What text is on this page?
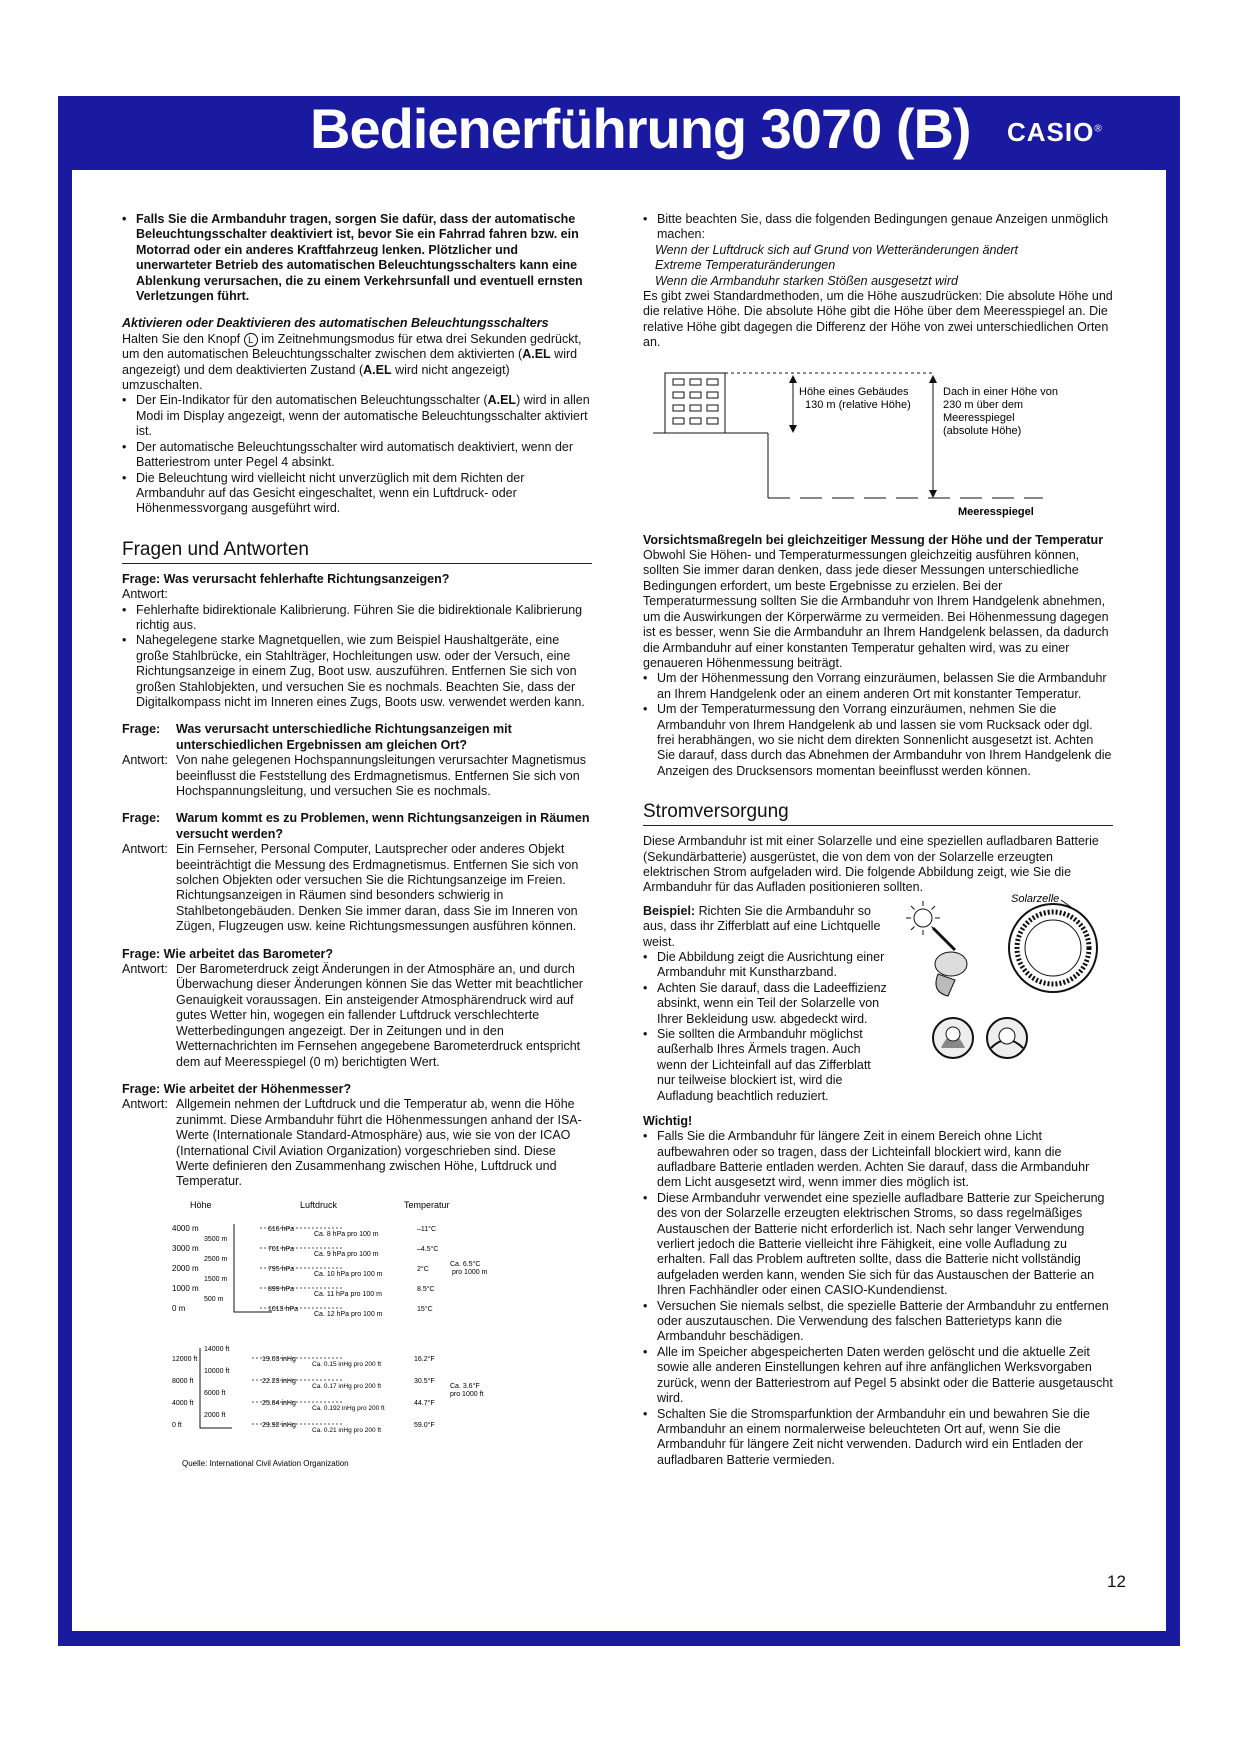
Bedienerführung 3070 (B) CASIO®
• Falls Sie die Armbanduhr tragen, sorgen Sie dafür, dass der automatische Beleuchtungsschalter deaktiviert ist, bevor Sie ein Fahrrad fahren bzw. ein Motorrad oder ein anderes Kraftfahrzeug lenken. Plötzlicher und unerwarteter Betrieb des automatischen Beleuchtungsschalters kann eine Ablenkung verursachen, die zu einem Verkehrsunfall und eventuell ernsten Verletzungen führt.

Aktivieren oder Deaktivieren des automatischen Beleuchtungsschalters

Halten Sie den Knopf L im Zeitnehmungsmodus für etwa drei Sekunden gedrückt, um den automatischen Beleuchtungsschalter zwischen dem aktivierten (A.EL wird angezeigt) und dem deaktivierten Zustand (A.EL wird nicht angezeigt) umzuschalten.

• Der Ein-Indikator für den automatischen Beleuchtungsschalter (A.EL) wird in allen Modi im Display angezeigt, wenn der automatische Beleuchtungsschalter aktiviert ist.
• Der automatische Beleuchtungsschalter wird automatisch deaktiviert, wenn der Batteriestrom unter Pegel 4 absinkt.
• Die Beleuchtung wird vielleicht nicht unverzüglich mit dem Richten der Armbanduhr auf das Gesicht eingeschaltet, wenn ein Luftdruck- oder Höhenmessvorgang ausgeführt wird.
Fragen und Antworten

Frage: Was verursacht fehlerhafte Richtungsanzeigen?

Antwort:

• Fehlerhafte bidirektionale Kalibrierung. Führen Sie die bidirektionale Kalibrierung richtig aus.
• Nahegelegene starke Magnetquellen, wie zum Beispiel Haushaltgeräte, eine große Stahlbrücke, ein Stahlträger, Hochleitungen usw. oder der Versuch, eine Richtungsanzeige in einem Zug, Boot usw. auszuführen. Entfernen Sie sich von großen Stahlobjekten, und versuchen Sie es nochmals. Beachten Sie, dass der Digitalkompass nicht im Inneren eines Zugs, Boots usw. verwendet werden kann.
Frage:	Was verursacht unterschiedliche Richtungsanzeigen mit unterschiedlichen Ergebnissen am gleichen Ort?
Antwort: Von nahe gelegenen Hochspannungsleitungen verursachter Magnetismus beeinflusst die Feststellung des Erdmagnetismus. Entfernen Sie sich von Hochspannungsleitung, und versuchen Sie es nochmals.
Frage:	Warum kommt es zu Problemen, wenn Richtungsanzeigen in Räumen versucht werden?
Antwort: Ein Fernseher, Personal Computer, Lautsprecher oder anderes Objekt beeinträchtigt die Messung des Erdmagnetismus. Entfernen Sie sich von solchen Objekten oder versuchen Sie die Richtungsanzeige im Freien. Richtungsanzeigen in Räumen sind besonders schwierig in Stahlbetongebäuden. Denken Sie immer daran, dass Sie im Inneren von Zügen, Flugzeugen usw. keine Richtungsmessungen ausführen können.

Frage: Wie arbeitet das Barometer?

Antwort: Der Barometerdruck zeigt Änderungen in der Atmosphäre an, und durch Überwachung dieser Änderungen können Sie das Wetter mit beachtlicher Genauigkeit voraussagen. Ein ansteigender Atmosphärendruck wird auf gutes Wetter hin, wogegen ein fallender Luftdruck verschlechterte Wetterbedingungen angezeigt. Der in Zeitungen und in den Wetternachrichten im Fernsehen angegebene Barometerdruck entspricht dem auf Meeresspiegel (0 m) berichtigten Wert.

Frage: Wie arbeitet der Höhenmesser?

Antwort: Allgemein nehmen der Luftdruck und die Temperatur ab, wenn die Höhe zunimmt. Diese Armbanduhr führt die Höhenmessungen anhand der ISA-Werte (Internationale Standard-Atmosphäre) aus, wie sie von der ICAO (International Civil Aviation Organization) vorgeschrieben sind. Diese Werte definieren den Zusammenhang zwischen Höhe, Luftdruck und Temperatur.
Höhe	Luftdruck	Temperatur
4000 m	616 hPa
Ca. 8 hPa pro 100 m
–11°C
3000 m	701 hPa
Ca. 9 hPa pro 100 m
–4.5°C
2000 m	795 hPa
Ca. 10 hPa pro 100 m
2°C
1000 m	899 hPa
Ca. 11 hPa pro 100 m
8.5°C
0 m	1013 hPa
Ca. 12 hPa pro 100 m
15°C
3500 m
2500 m
1500 m
500 m
Ca. 6.5°C
pro 1000 m
12000 ft	19.03 inHg
Ca. 0.15 inHg pro 200 ft
16.2°F
8000 ft	22.23 inHg
Ca. 0.17 inHg pro 200 ft
30.5°F
4000 ft	25.84 inHg
Ca. 0.192 inHg pro 200 ft
44.7°F
0 ft	29.92 inHg
Ca. 0.21 inHg pro 200 ft
59.0°F
14000 ft
10000 ft
6000 ft
2000 ft
Ca. 3.6°F
pro 1000 ft
Quelle: International Civil Aviation Organization
• Bitte beachten Sie, dass die folgenden Bedingungen genaue Anzeigen unmöglich machen:

Wenn der Luftdruck sich auf Grund von Wetteränderungen ändert

Extreme Temperaturänderungen

Wenn die Armbanduhr starken Stößen ausgesetzt wird

Es gibt zwei Standardmethoden, um die Höhe auszudrücken: Die absolute Höhe und die relative Höhe. Die absolute Höhe gibt die Höhe über dem Meeresspiegel an. Die relative Höhe gibt dagegen die Differenz der Höhe von zwei unterschiedlichen Orten an.

Höhe eines Gebäudes
130 m (relative Höhe)
Dach in einer Höhe von
230 m über dem
Meeresspiegel
(absolute Höhe)
Meeresspiegel

Vorsichtsmaßregeln bei gleichzeitiger Messung der Höhe und der Temperatur

Obwohl Sie Höhen- und Temperaturmessungen gleichzeitig ausführen können, sollten Sie immer daran denken, dass jede dieser Messungen unterschiedliche Bedingungen erfordert, um beste Ergebnisse zu erzielen. Bei der Temperaturmessung sollten Sie die Armbanduhr von Ihrem Handgelenk abnehmen, um die Auswirkungen der Körperwärme zu vermeiden. Bei Höhenmessung dagegen ist es besser, wenn Sie die Armbanduhr an Ihrem Handgelenk belassen, da dadurch die Armbanduhr auf einer konstanten Temperatur gehalten wird, was zu einer genaueren Höhenmessung beiträgt.

• Um der Höhenmessung den Vorrang einzuräumen, belassen Sie die Armbanduhr an Ihrem Handgelenk oder an einem anderen Ort mit konstanter Temperatur.
• Um der Temperaturmessung den Vorrang einzuräumen, nehmen Sie die Armbanduhr von Ihrem Handgelenk ab und lassen sie vom Rucksack oder dgl. frei herabhängen, wo sie nicht dem direkten Sonnenlicht ausgesetzt ist. Achten Sie darauf, dass durch das Abnehmen der Armbanduhr von Ihrem Handgelenk die Anzeigen des Drucksensors momentan beeinflusst werden können.
Stromversorgung

Diese Armbanduhr ist mit einer Solarzelle und eine speziellen aufladbaren Batterie (Sekundärbatterie) ausgerüstet, die von dem von der Solarzelle erzeugten elektrischen Strom aufgeladen wird. Die folgende Abbildung zeigt, wie Sie die Armbanduhr für das Aufladen positionieren sollten.

Beispiel: Richten Sie die Armbanduhr so aus, dass ihr Zifferblatt auf eine Lichtquelle weist.

• Die Abbildung zeigt die Ausrichtung einer Armbanduhr mit Kunstharzband.
• Achten Sie darauf, dass die Ladeeffizienz absinkt, wenn ein Teil der Solarzelle von Ihrer Bekleidung usw. abgedeckt wird.
• Sie sollten die Armbanduhr möglichst außerhalb Ihres Ärmels tragen. Auch wenn der Lichteinfall auf das Zifferblatt nur teilweise blockiert ist, wird die Aufladung beachtlich reduziert.
Solarzelle

Wichtig!

• Falls Sie die Armbanduhr für längere Zeit in einem Bereich ohne Licht aufbewahren oder so tragen, dass der Lichteinfall blockiert wird, kann die aufladbare Batterie entladen werden. Achten Sie darauf, dass die Armbanduhr dem Licht ausgesetzt wird, wenn immer dies möglich ist.
• Diese Armbanduhr verwendet eine spezielle aufladbare Batterie zur Speicherung des von der Solarzelle erzeugten elektrischen Stroms, so dass regelmäßiges Austauschen der Batterie nicht erforderlich ist. Nach sehr langer Verwendung verliert jedoch die Batterie vielleicht ihre Fähigkeit, eine volle Aufladung zu erhalten. Fall das Problem auftreten sollte, dass die Batterie nicht vollständig aufgeladen werden kann, wenden Sie sich für das Austauschen der Batterie an Ihren Fachhändler oder einen CASIO-Kundendienst.
• Versuchen Sie niemals selbst, die spezielle Batterie der Armbanduhr zu entfernen oder auszutauschen. Die Verwendung des falschen Batterietyps kann die Armbanduhr beschädigen.
• Alle im Speicher abgespeicherten Daten werden gelöscht und die aktuelle Zeit sowie alle anderen Einstellungen kehren auf ihre anfänglichen Werksvorgaben zurück, wenn der Batteriestrom auf Pegel 5 absinkt oder die Batterie ausgetauscht wird.
• Schalten Sie die Stromsparfunktion der Armbanduhr ein und bewahren Sie die Armbanduhr an einem normalerweise beleuchteten Ort auf, wenn Sie die Armbanduhr für längere Zeit nicht verwenden. Dadurch wird ein Entladen der aufladbaren Batterie vermieden.
12
